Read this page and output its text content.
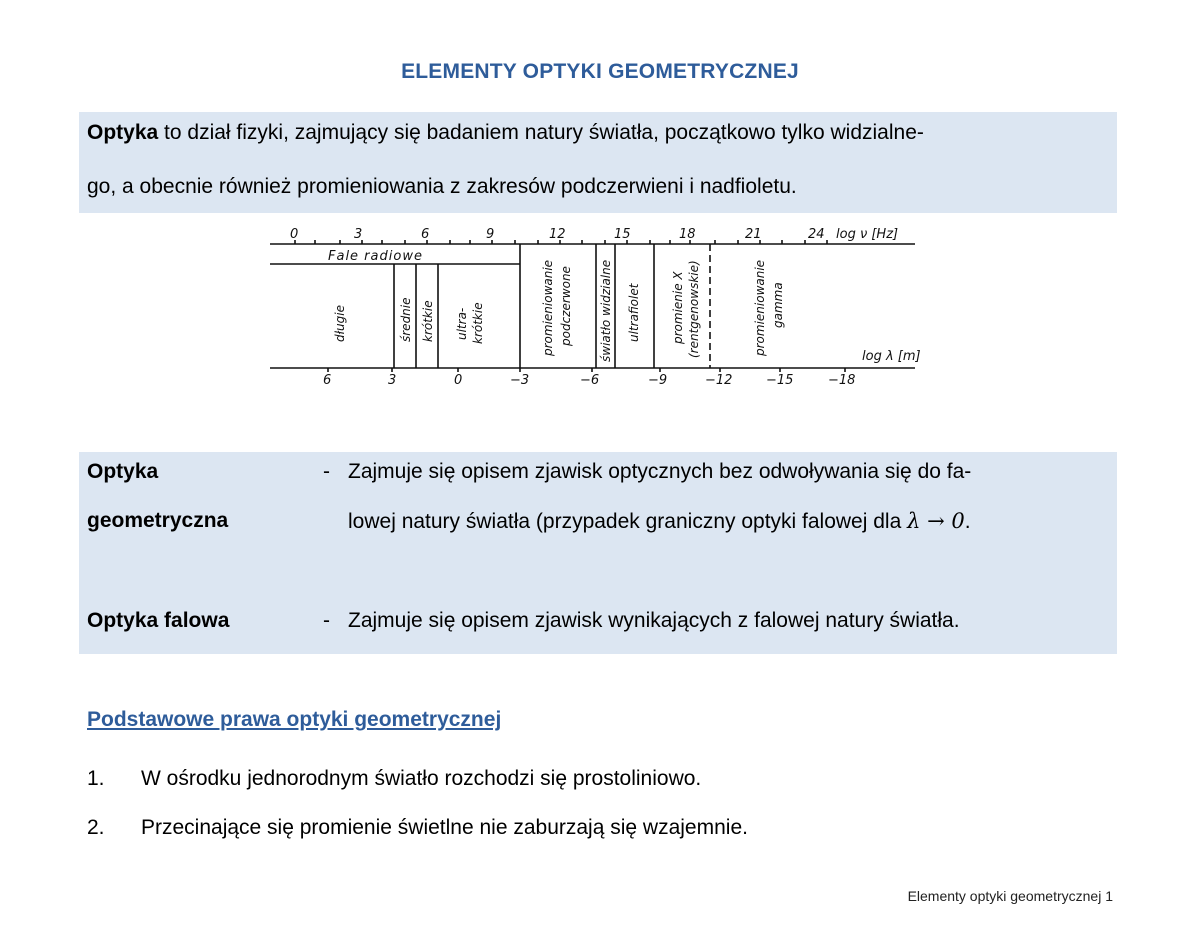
ELEMENTY OPTYKI GEOMETRYCZNEJ

Optyka to dział fizyki, zajmujący się badaniem natury światła, początkowo tylko widzialne-

go, a obecnie również promieniowania z zakresów podczerwieni i nadfioletu.

0	3	6	9	12	15	18	21	24 log ν [Hz]
Fale radiowe
długie	średnie krótkie ultra- krótkie	promieniowanie podczerwone światło widzialne ultrafiolet	promienie X (rentgenowskie)	promieniowanie gamma
log λ [m]
6	3	0	−3	−6	−9	−12	−15	−18
Optyka
geometryczna
- Zajmuje się opisem zjawisk optycznych bez odwoływania się do fa-
lowej natury światła (przypadek graniczny optyki falowej dla λ → 0.
Optyka falowa	- Zajmuje się opisem zjawisk wynikających z falowej natury światła.
Podstawowe prawa optyki geometrycznej
1. W ośrodku jednorodnym światło rozchodzi się prostoliniowo.
2. Przecinające się promienie świetlne nie zaburzają się wzajemnie.
Elementy optyki geometrycznej 1
